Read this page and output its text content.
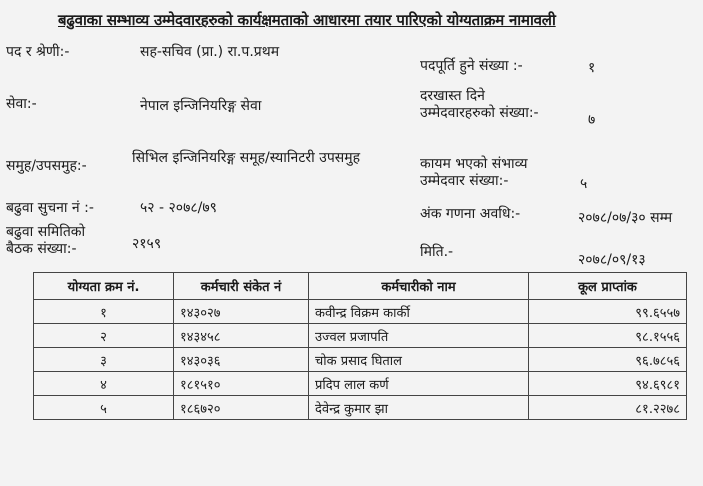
बढुवाका सम्भाव्य उम्मेदवारहरुको कार्यक्षमताको आधारमा तयार पारिएको योग्यताक्रम नामावली
पद र श्रेणी:-	सह-सचिव (प्रा.) रा.प.प्रथम
सेवा:-	नेपाल इन्जिनियरिङ्ग सेवा
समुह/उपसमुह:-	सिभिल इन्जिनियरिङ्ग समूह/स्यानिटरी उपसमुह
बढुवा सुचना नं :-	५२ - २०७८/७९
बढुवा समितिको बैठक संख्या:-	२१५९
पदपूर्ति हुने संख्या :-	१
दरखास्त दिने उम्मेदवारहरुको संख्या:-	७
कायम भएको संभाव्य उम्मेदवार संख्या:-	५
अंक गणना अवधि:-	२०७८/०७/३० सम्म
मिति.-	२०७८/०९/१३
योग्यता क्रम नं.	कर्मचारी संकेत नं	कर्मचारीको नाम	कूल प्राप्तांक
१	१४३०२७	कवीन्द्र विक्रम कार्की	९९.६५५७
२	१४३४५८	उज्वल प्रजापति	९८.१५५६
३	१४३०३६	चोक प्रसाद घिताल	९६.७८५६
४	१८१५१०	प्रदिप लाल कर्ण	९४.६९८१
५	१८६७२०	देवेन्द्र कुमार झा	८१.२२७८
